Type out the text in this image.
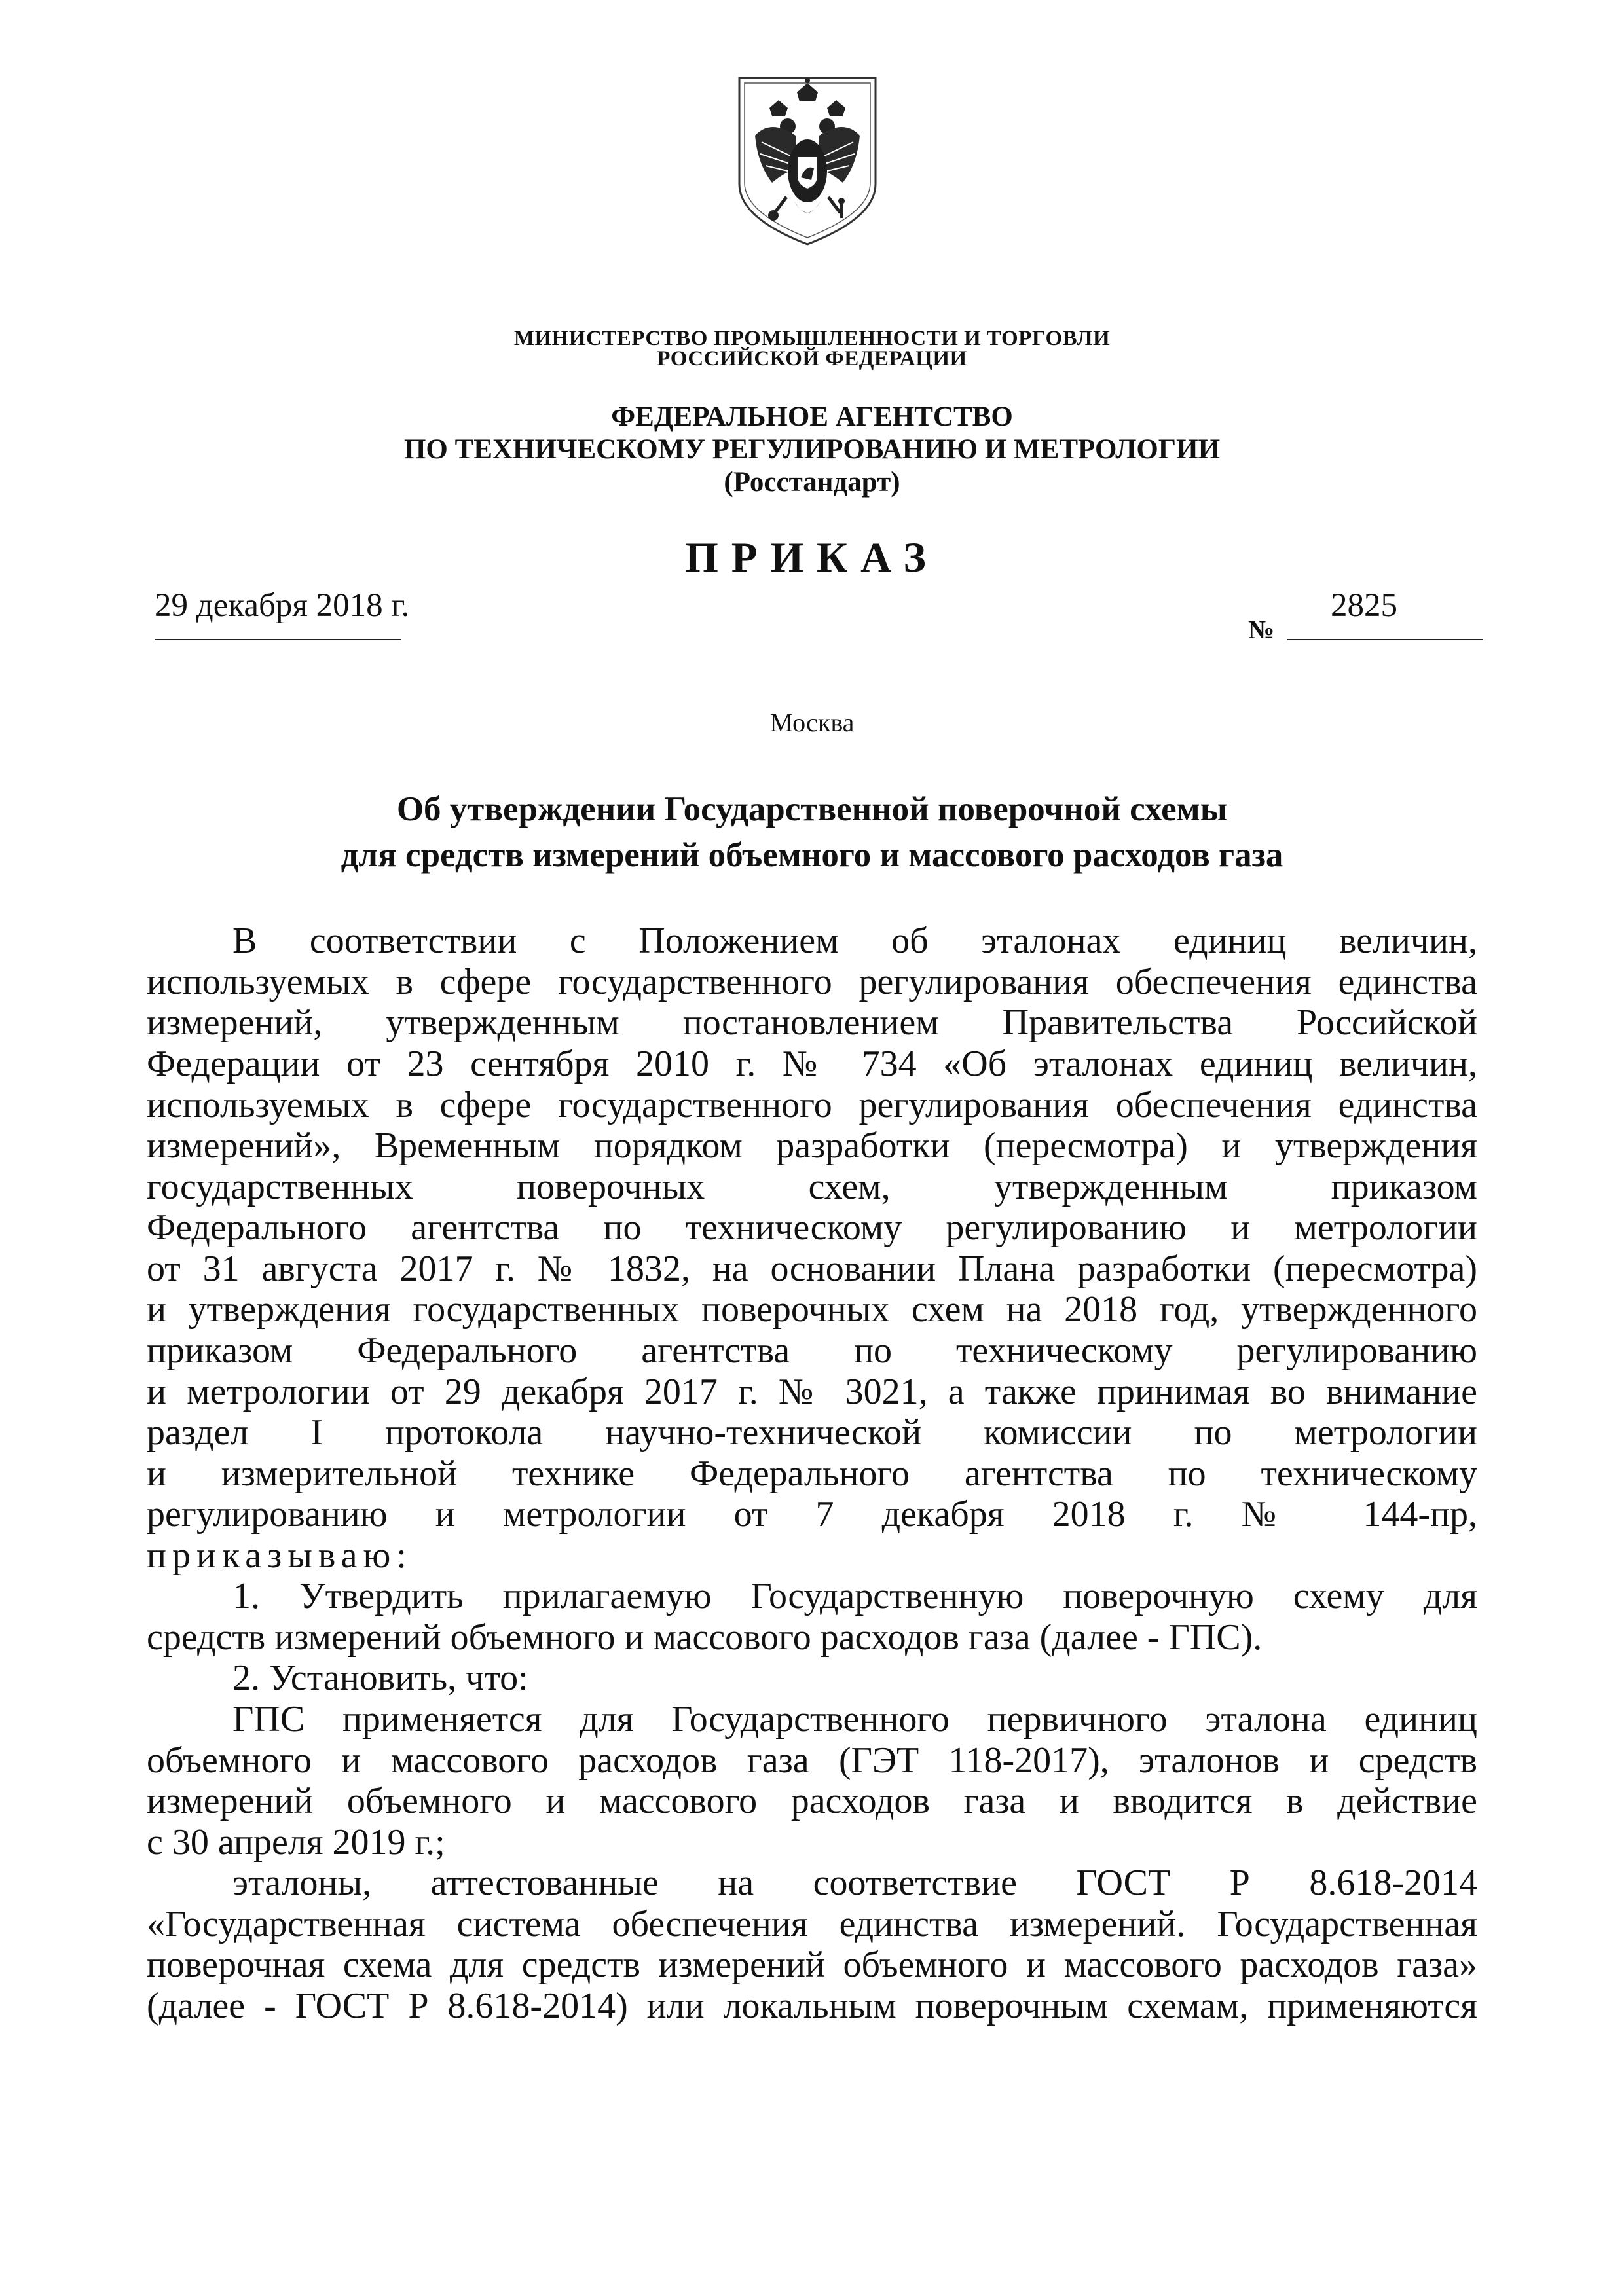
МИНИСТЕРСТВО ПРОМЫШЛЕННОСТИ И ТОРГОВЛИ
РОССИЙСКОЙ ФЕДЕРАЦИИ
ФЕДЕРАЛЬНОЕ АГЕНТСТВО
ПО ТЕХНИЧЕСКОМУ РЕГУЛИРОВАНИЮ И МЕТРОЛОГИИ
(Росстандарт)
ПРИКАЗ
29 декабря 2018 г.
№
2825
Москва
Об утверждении Государственной поверочной схемы
для средств измерений объемного и массового расходов газа
В соответствии с Положением об эталонах единиц величин,
используемых в сфере государственного регулирования обеспечения единства
измерений, утвержденным постановлением Правительства Российской
Федерации от 23 сентября 2010 г. № 734 «Об эталонах единиц величин,
используемых в сфере государственного регулирования обеспечения единства
измерений», Временным порядком разработки (пересмотра) и утверждения
государственных поверочных схем, утвержденным приказом
Федерального агентства по техническому регулированию и метрологии
от 31 августа 2017 г. № 1832, на основании Плана разработки (пересмотра)
и утверждения государственных поверочных схем на 2018 год, утвержденного
приказом Федерального агентства по техническому регулированию
и метрологии от 29 декабря 2017 г. № 3021, а также принимая во внимание
раздел I протокола научно-технической комиссии по метрологии
и измерительной технике Федерального агентства по техническому
регулированию и метрологии от 7 декабря 2018 г. № 144-пр,
приказываю:
1. Утвердить прилагаемую Государственную поверочную схему для
средств измерений объемного и массового расходов газа (далее - ГПС).
2. Установить, что:
ГПС применяется для Государственного первичного эталона единиц
объемного и массового расходов газа (ГЭТ 118-2017), эталонов и средств
измерений объемного и массового расходов газа и вводится в действие
с 30 апреля 2019 г.;
эталоны, аттестованные на соответствие ГОСТ Р 8.618-2014
«Государственная система обеспечения единства измерений. Государственная
поверочная схема для средств измерений объемного и массового расходов газа»
(далее - ГОСТ Р 8.618-2014) или локальным поверочным схемам, применяются
